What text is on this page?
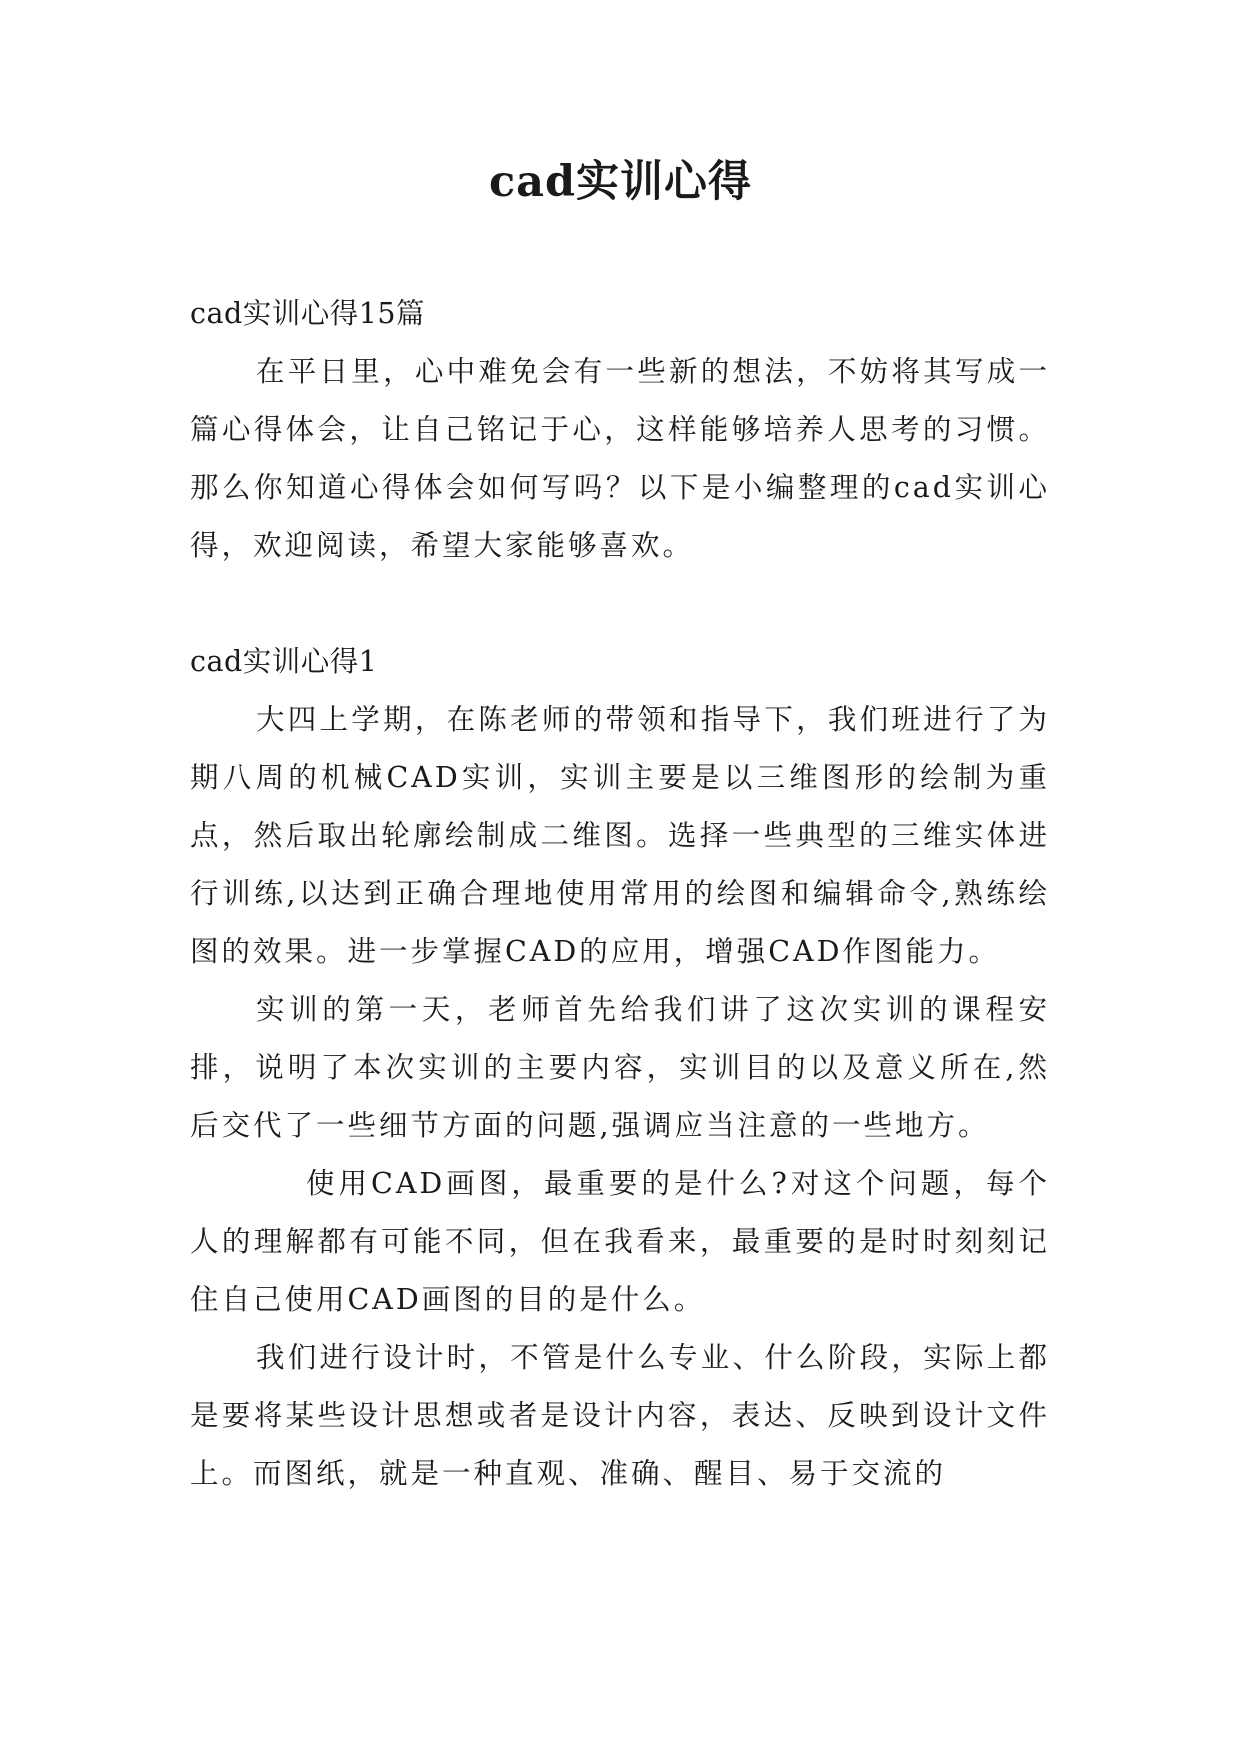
cad实训心得

cad实训心得15篇

在平日里，心中难免会有一些新的想法，不妨将其写成一篇心得体会，让自己铭记于心，这样能够培养人思考的习惯。那么你知道心得体会如何写吗？以下是小编整理的cad实训心得，欢迎阅读，希望大家能够喜欢。

cad实训心得1

大四上学期，在陈老师的带领和指导下，我们班进行了为期八周的机械CAD实训，实训主要是以三维图形的绘制为重点，然后取出轮廓绘制成二维图。选择一些典型的三维实体进行训练,以达到正确合理地使用常用的绘图和编辑命令,熟练绘图的效果。进一步掌握CAD的应用，增强CAD作图能力。

实训的第一天，老师首先给我们讲了这次实训的课程安排，说明了本次实训的主要内容，实训目的以及意义所在,然后交代了一些细节方面的问题,强调应当注意的一些地方。

使用CAD画图，最重要的是什么?对这个问题，每个人的理解都有可能不同，但在我看来，最重要的是时时刻刻记住自己使用CAD画图的目的是什么。

我们进行设计时，不管是什么专业、什么阶段，实际上都是要将某些设计思想或者是设计内容，表达、反映到设计文件上。而图纸，就是一种直观、准确、醒目、易于交流的
